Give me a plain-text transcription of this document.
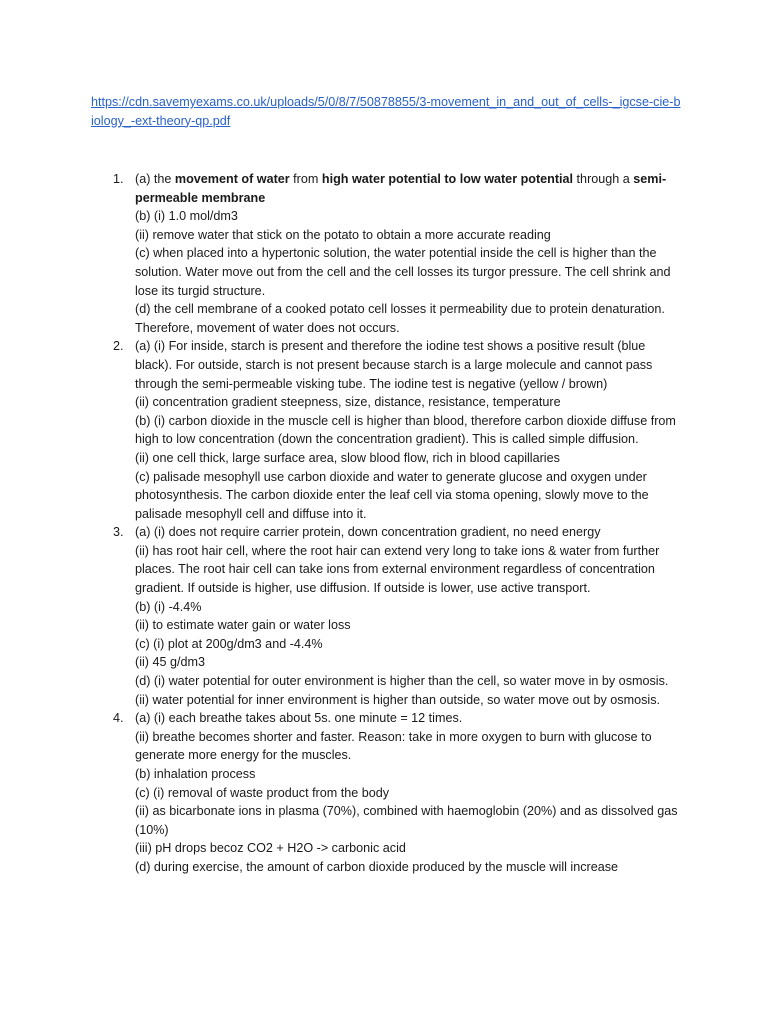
https://cdn.savemyexams.co.uk/uploads/5/0/8/7/50878855/3-movement_in_and_out_of_cells-_igcse-cie-biology_-ext-theory-qp.pdf
1. (a) the movement of water from high water potential to low water potential through a semi-permeable membrane
(b) (i) 1.0 mol/dm3
(ii) remove water that stick on the potato to obtain a more accurate reading
(c) when placed into a hypertonic solution, the water potential inside the cell is higher than the solution. Water move out from the cell and the cell losses its turgor pressure. The cell shrink and lose its turgid structure.
(d) the cell membrane of a cooked potato cell losses it permeability due to protein denaturation. Therefore, movement of water does not occurs.
2. (a) (i) For inside, starch is present and therefore the iodine test shows a positive result (blue black). For outside, starch is not present because starch is a large molecule and cannot pass through the semi-permeable visking tube. The iodine test is negative (yellow / brown)
(ii) concentration gradient steepness, size, distance, resistance, temperature
(b) (i) carbon dioxide in the muscle cell is higher than blood, therefore carbon dioxide diffuse from high to low concentration (down the concentration gradient). This is called simple diffusion.
(ii) one cell thick, large surface area, slow blood flow, rich in blood capillaries
(c) palisade mesophyll use carbon dioxide and water to generate glucose and oxygen under photosynthesis. The carbon dioxide enter the leaf cell via stoma opening, slowly move to the palisade mesophyll cell and diffuse into it.
3. (a) (i) does not require carrier protein, down concentration gradient, no need energy
(ii) has root hair cell, where the root hair can extend very long to take ions & water from further places. The root hair cell can take ions from external environment regardless of concentration gradient. If outside is higher, use diffusion. If outside is lower, use active transport.
(b) (i) -4.4%
(ii) to estimate water gain or water loss
(c) (i) plot at 200g/dm3 and -4.4%
(ii) 45 g/dm3
(d) (i) water potential for outer environment is higher than the cell, so water move in by osmosis.
(ii) water potential for inner environment is higher than outside, so water move out by osmosis.
4. (a) (i) each breathe takes about 5s. one minute = 12 times.
(ii) breathe becomes shorter and faster. Reason: take in more oxygen to burn with glucose to generate more energy for the muscles.
(b) inhalation process
(c) (i) removal of waste product from the body
(ii) as bicarbonate ions in plasma (70%), combined with haemoglobin (20%) and as dissolved gas (10%)
(iii) pH drops becoz CO2 + H2O -> carbonic acid
(d) during exercise, the amount of carbon dioxide produced by the muscle will increase
